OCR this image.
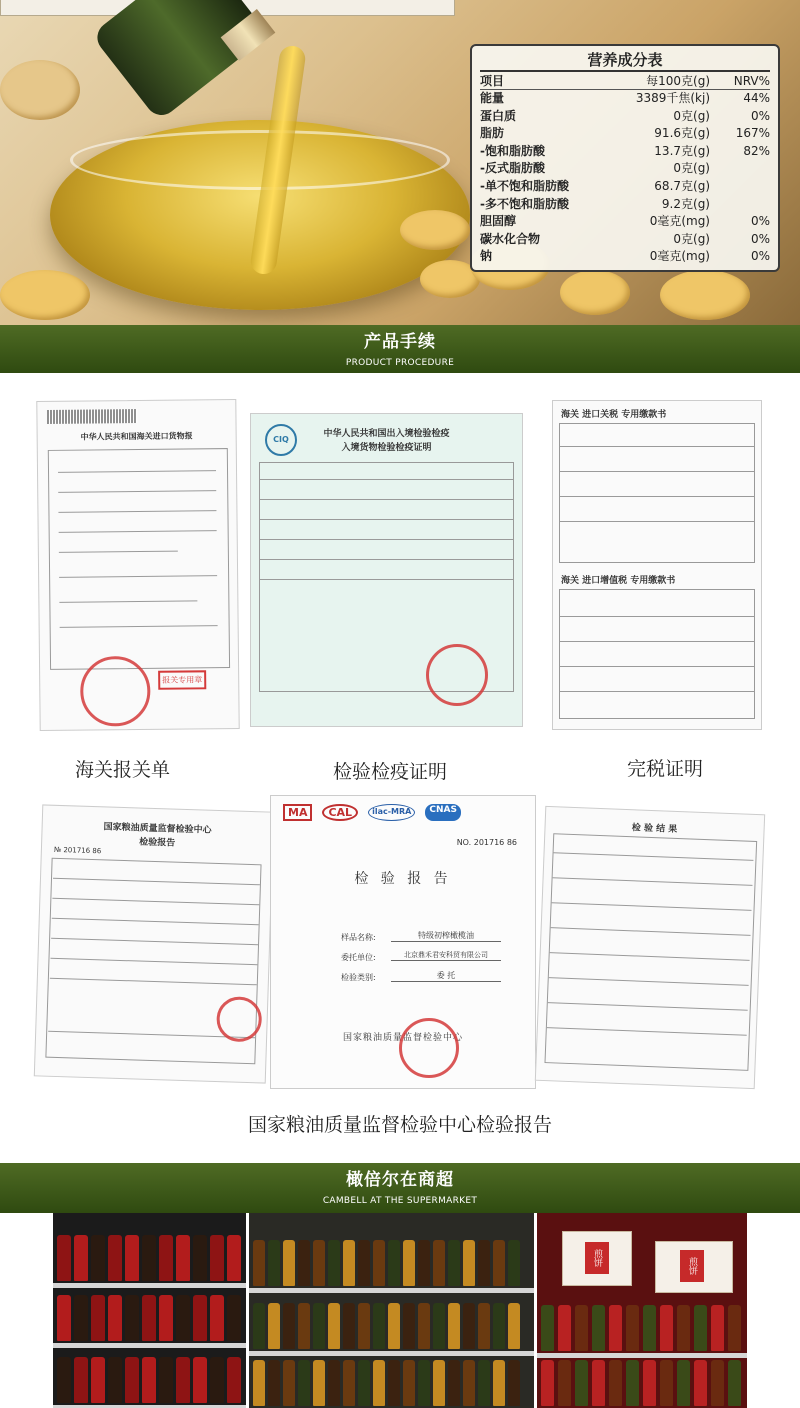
营养成分表
项目	每100克(g)	NRV%
能量	3389千焦(kj)	44%
蛋白质	0克(g)	0%
脂肪	91.6克(g)	167%
-饱和脂肪酸	13.7克(g)	82%
-反式脂肪酸	0克(g)
-单不饱和脂肪酸	68.7克(g)
-多不饱和脂肪酸	9.2克(g)
胆固醇	0毫克(mg)	0%
碳水化合物	0克(g)	0%
钠	0毫克(mg)	0%
产品手续
PRODUCT PROCEDURE
中华人民共和国海关进口货物报
报关专用章
CIQ
中华人民共和国出入境检验检疫
入境货物检验检疫证明
海关 进口关税 专用缴款书
海关 进口增值税 专用缴款书
海关报关单	检验检疫证明	完税证明
国家粮油质量监督检验中心
检验报告
№ 201716 86
MA	CAL	ilac-MRA	CNAS
NO. 201716 86
检 验 报 告
样品名称:	特级初榨橄榄油
委托单位:	北京鼎禾君安科贸有限公司
检验类别:	委 托
国家粮油质量监督检验中心
检 验 结 果
国家粮油质量监督检验中心检验报告
橄倍尔在商超
CAMBELL AT THE SUPERMARKET
煎饼	煎饼
